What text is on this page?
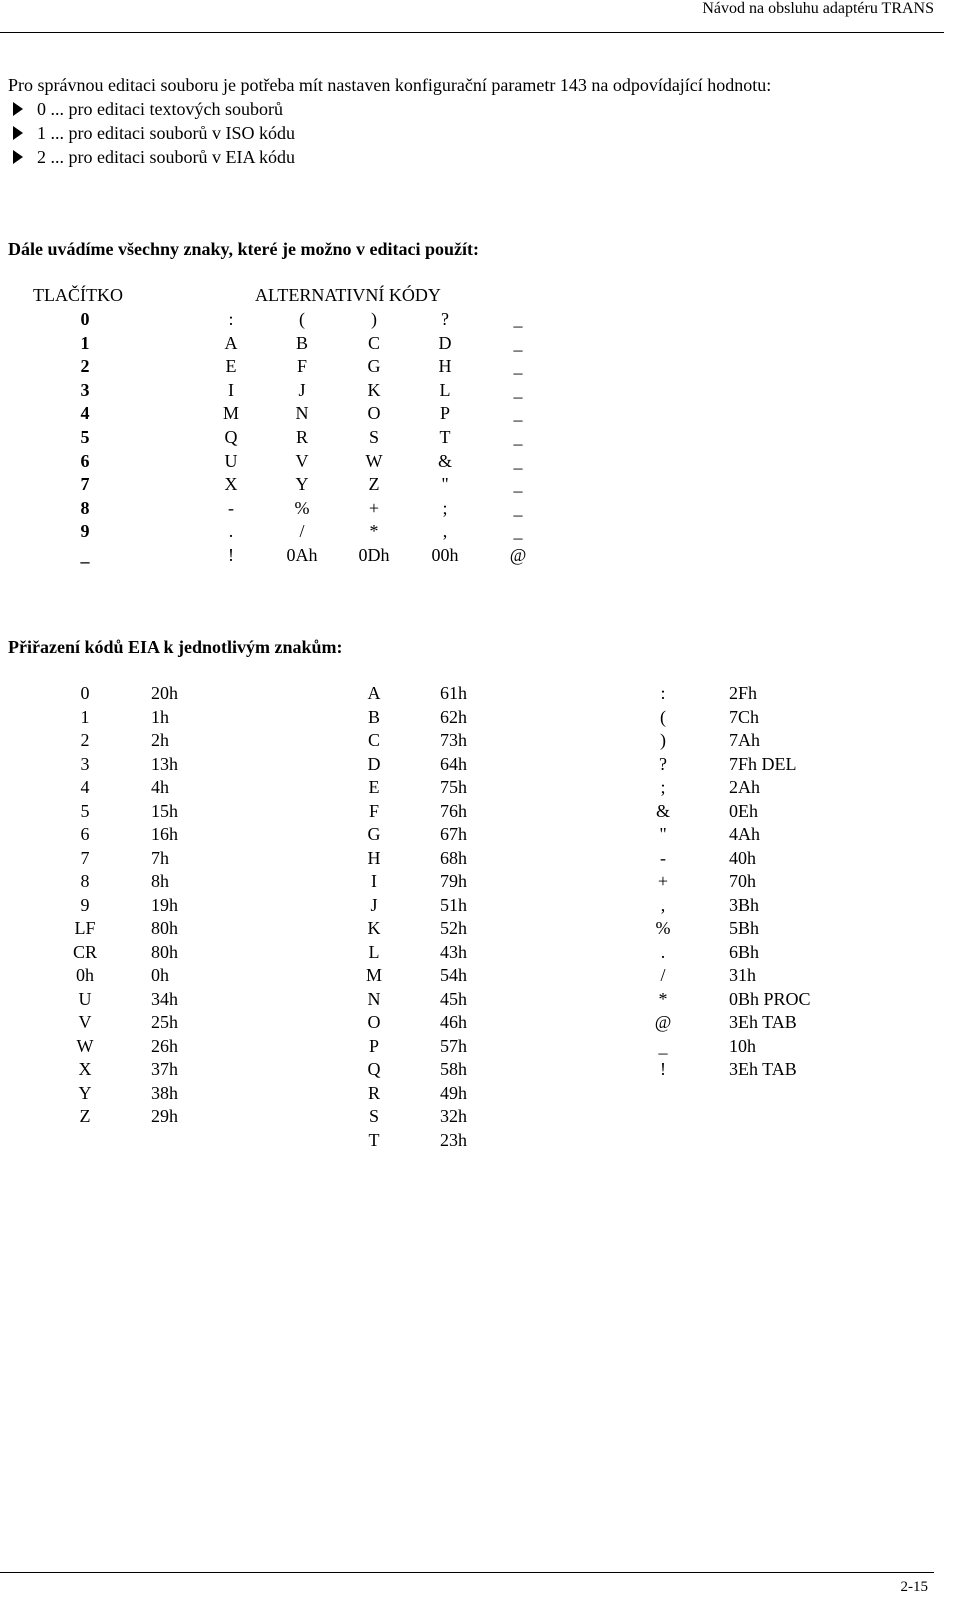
Návod na obsluhu adaptéru TRANS
Pro správnou editaci souboru je potřeba mít nastaven konfigurační parametr 143 na odpovídající hodnotu:
0 ... pro editaci textových souborů
1 ... pro editaci souborů v ISO kódu
2 ... pro editaci souborů v EIA kódu
Dále uvádíme všechny znaky, které je možno v editaci použít:
TLAČÍTKO	ALTERNATIVNÍ KÓDY
0	:	(	)	?	_
1	A	B	C	D	_
2	E	F	G	H	_
3	I	J	K	L	_
4	M	N	O	P	_
5	Q	R	S	T	_
6	U	V	W	&	_
7	X	Y	Z	"	_
8	-	%	+	;	_
9	.	/	*	,	_
_	!	0Ah	0Dh	00h	@
Přiřazení kódů EIA k jednotlivým znakům:
0	20h
1	1h
2	2h
3	13h
4	4h
5	15h
6	16h
7	7h
8	8h
9	19h
LF	80h
CR	80h
0h	0h
U	34h
V	25h
W	26h
X	37h
Y	38h
Z	29h
A	61h
B	62h
C	73h
D	64h
E	75h
F	76h
G	67h
H	68h
I	79h
J	51h
K	52h
L	43h
M	54h
N	45h
O	46h
P	57h
Q	58h
R	49h
S	32h
T	23h
:	2Fh
(	7Ch
)	7Ah
?	7Fh DEL
;	2Ah
&	0Eh
"	4Ah
-	40h
+	70h
,	3Bh
%	5Bh
.	6Bh
/	31h
*	0Bh PROC
@	3Eh TAB
_	10h
!	3Eh TAB
2-15
